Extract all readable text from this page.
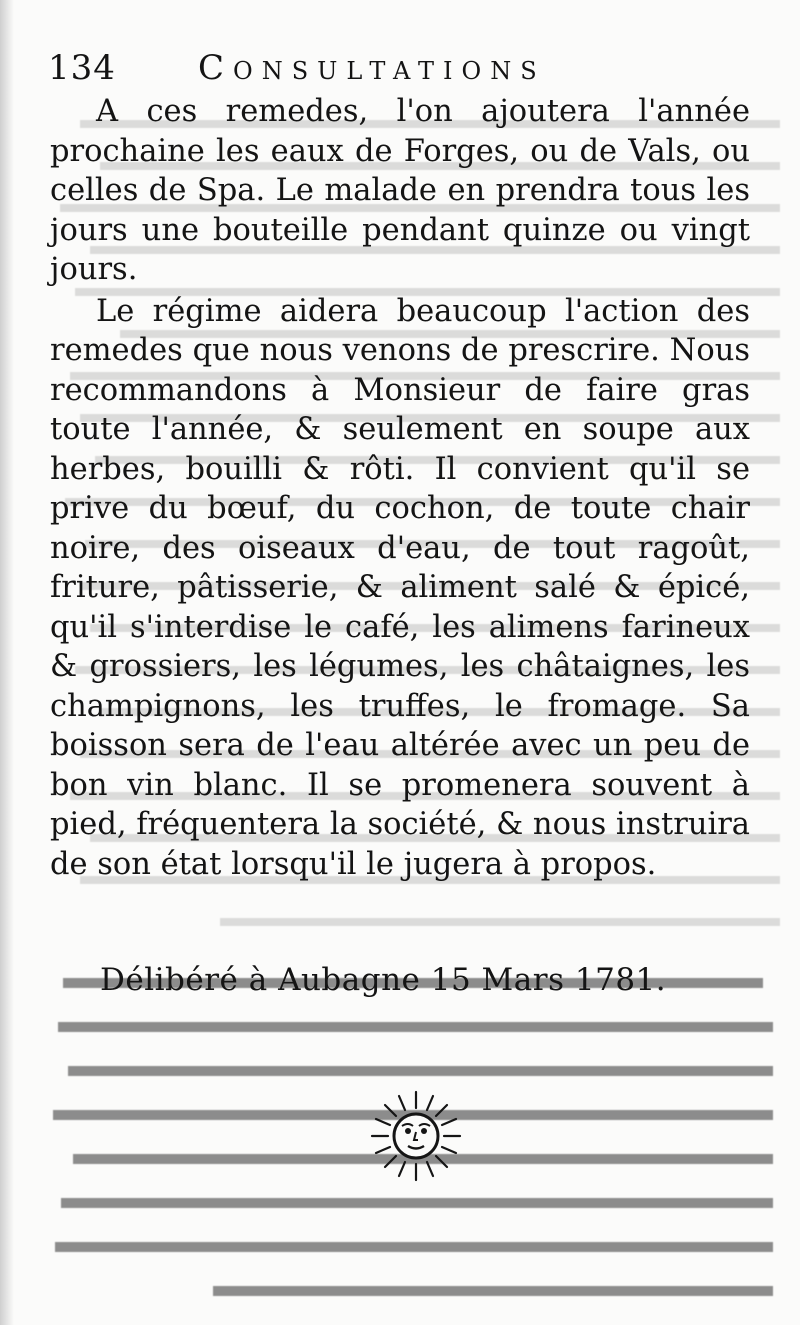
134 Consultations

A ces remedes, l'on ajoutera l'année prochaine les eaux de Forges, ou de Vals, ou celles de Spa. Le malade en prendra tous les jours une bouteille pendant quinze ou vingt jours.

Le régime aidera beaucoup l'action des remedes que nous venons de prescrire. Nous recommandons à Monsieur de faire gras toute l'année, & seulement en soupe aux herbes, bouilli & rôti. Il convient qu'il se prive du bœuf, du cochon, de toute chair noire, des oiseaux d'eau, de tout ragoût, friture, pâtisserie, & aliment salé & épicé, qu'il s'interdise le café, les alimens farineux & grossiers, les légumes, les châtaignes, les champignons, les truffes, le fromage. Sa boisson sera de l'eau altérée avec un peu de bon vin blanc. Il se promenera souvent à pied, fréquentera la société, & nous instruira de son état lorsqu'il le jugera à propos.

Délibéré à Aubagne 15 Mars 1781.
